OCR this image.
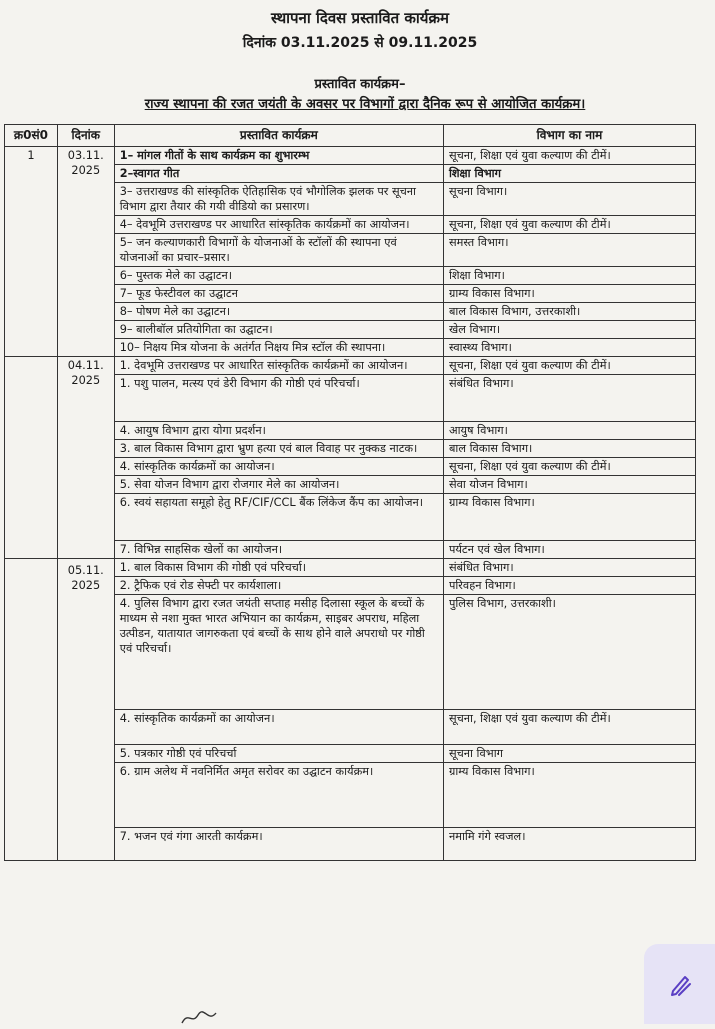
स्थापना दिवस प्रस्तावित कार्यक्रम
दिनांक 03.11.2025 से 09.11.2025
प्रस्तावित कार्यक्रम–
राज्य स्थापना की रजत जयंती के अवसर पर विभागों द्वारा दैनिक रूप से आयोजित कार्यक्रम।
क्र0सं0	दिनांक	प्रस्तावित कार्यक्रम	विभाग का नाम
1	03.11. 2025	1– मांगल गीतों के साथ कार्यक्रम का शुभारम्भ	सूचना, शिक्षा एवं युवा कल्याण की टीमें।
		2–स्वागत गीत	शिक्षा विभाग
		3– उत्तराखण्ड की सांस्कृतिक ऐतिहासिक एवं भौगोलिक झलक पर सूचना विभाग द्वारा तैयार की गयी वीडियो का प्रसारण।	सूचना विभाग।
		4– देवभूमि उत्तराखण्ड पर आधारित सांस्कृतिक कार्यक्रमों का आयोजन।	सूचना, शिक्षा एवं युवा कल्याण की टीमें।
		5– जन कल्याणकारी विभागों के योजनाओं के स्टॉलों की स्थापना एवं योजनाओं का प्रचार–प्रसार।	समस्त विभाग।
		6– पुस्तक मेले का उद्घाटन।	शिक्षा विभाग।
		7– फूड फेस्टीवल का उद्घाटन	ग्राम्य विकास विभाग।
		8– पोषण मेले का उद्घाटन।	बाल विकास विभाग, उत्तरकाशी।
		9– बालीबॉल प्रतियोगिता का उद्घाटन।	खेल विभाग।
		10– निक्षय मित्र योजना के अतंर्गत निक्षय मित्र स्टॉल की स्थापना।	स्वास्थ्य विभाग।
	04.11. 2025	1. देवभूमि उत्तराखण्ड पर आधारित सांस्कृतिक कार्यक्रमों का आयोजन।	सूचना, शिक्षा एवं युवा कल्याण की टीमें।
		1. पशु पालन, मत्स्य एवं डेरी विभाग की गोष्ठी एवं परिचर्चा।	संबंधित विभाग।
		4. आयुष विभाग द्वारा योगा प्रदर्शन।	आयुष विभाग।
		3. बाल विकास विभाग द्वारा भ्रुण हत्या एवं बाल विवाह पर नुक्कड नाटक।	बाल विकास विभाग।
		4. सांस्कृतिक कार्यक्रमों का आयोजन।	सूचना, शिक्षा एवं युवा कल्याण की टीमें।
		5. सेवा योजन विभाग द्वारा रोजगार मेले का आयोजन।	सेवा योजन विभाग।
		6. स्वयं सहायता समूहो हेतु RF/CIF/CCL बैंक लिंकेज कैंप का आयोजन।	ग्राम्य विकास विभाग।
		7. विभिन्न साहसिक खेलों का आयोजन।	पर्यटन एवं खेल विभाग।
	05.11. 2025	1. बाल विकास विभाग की गोष्ठी एवं परिचर्चा।	संबंधित विभाग।
		2. ट्रैफिक एवं रोड सेफ्टी पर कार्यशाला।	परिवहन विभाग।
		4. पुलिस विभाग द्वारा रजत जयंती सप्ताह मसीह दिलासा स्कूल के बच्चों के माध्यम से नशा मुक्त भारत अभियान का कार्यक्रम, साइबर अपराध, महिला उत्पीडन, यातायात जागरुकता एवं बच्चों के साथ होने वाले अपराधो पर गोष्ठी एवं परिचर्चा।	पुलिस विभाग, उत्तरकाशी।
		4. सांस्कृतिक कार्यक्रमों का आयोजन।	सूचना, शिक्षा एवं युवा कल्याण की टीमें।
		5. पत्रकार गोष्ठी एवं परिचर्चा	सूचना विभाग
		6. ग्राम अलेथ में नवनिर्मित अमृत सरोवर का उद्घाटन कार्यक्रम।	ग्राम्य विकास विभाग।
		7. भजन एवं गंगा आरती कार्यक्रम।	नमामि गंगे स्वजल।
